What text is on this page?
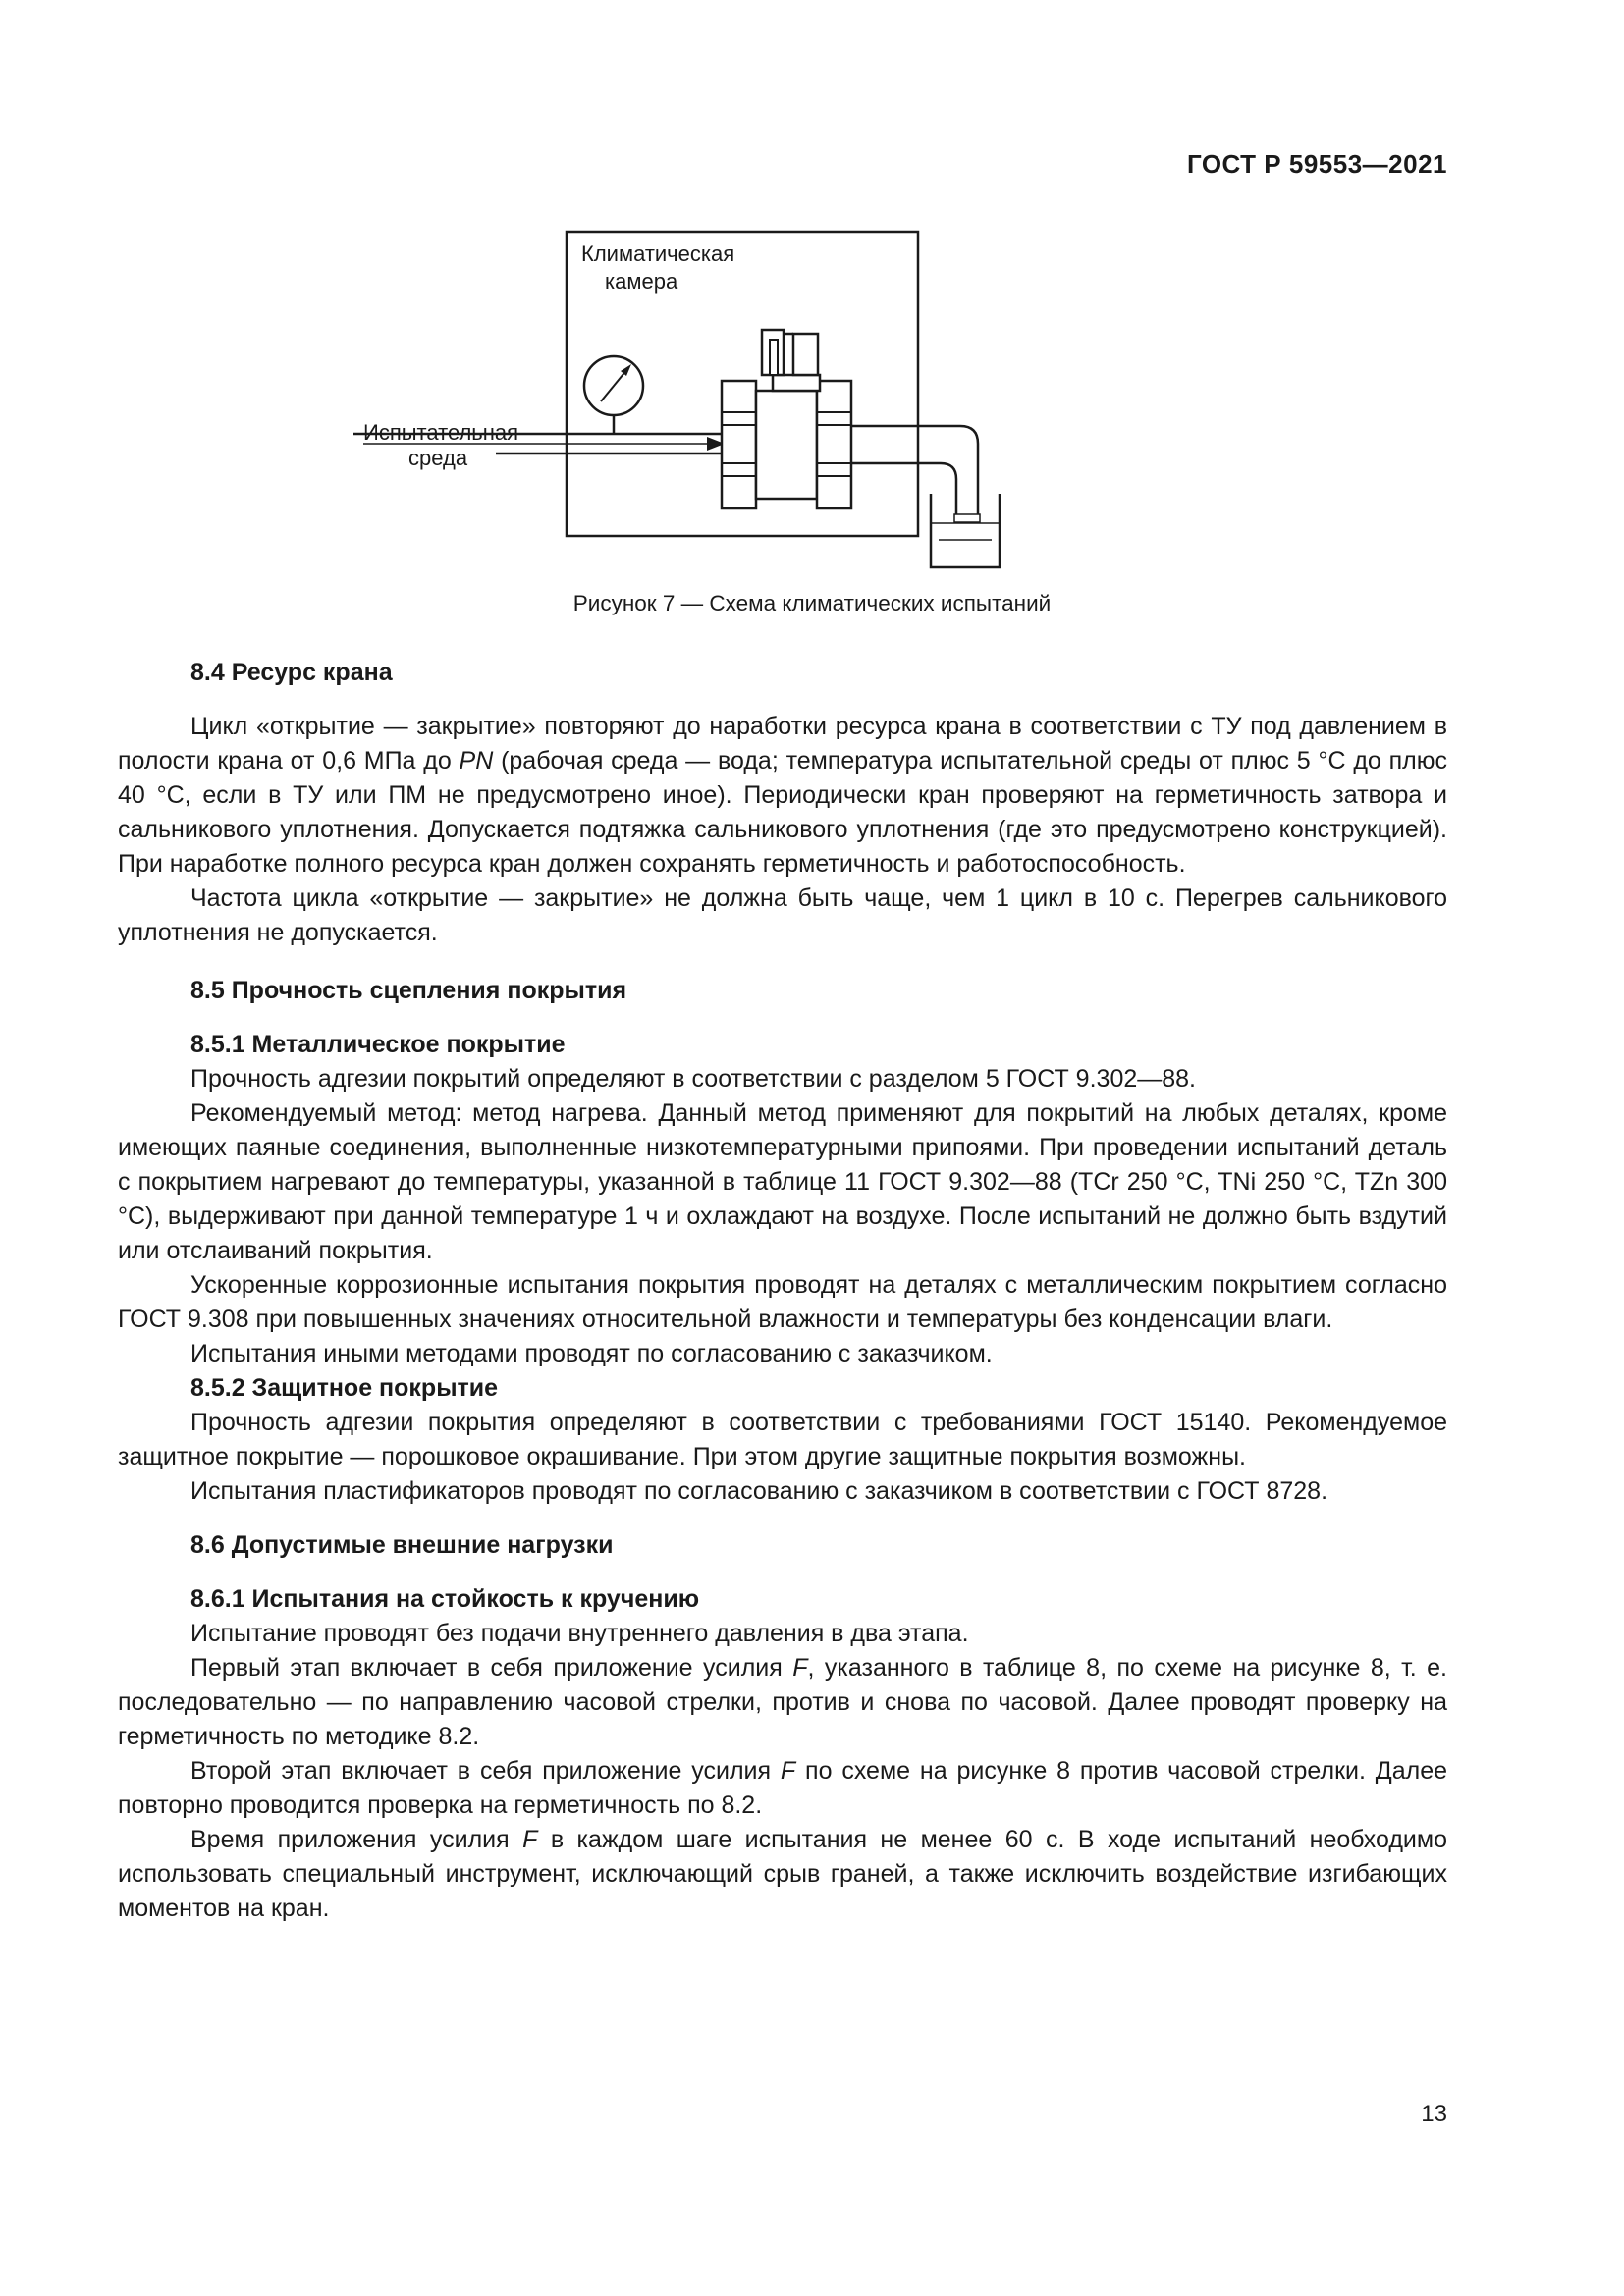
ГОСТ Р 59553—2021
Климатическая
камера
Испытательная
среда
Рисунок 7 — Схема климатических испытаний
8.4 Ресурс крана

Цикл «открытие — закрытие» повторяют до наработки ресурса крана в соответствии с ТУ под давлением в полости крана от 0,6 МПа до PN (рабочая среда — вода; температура испытательной среды от плюс 5 °C до плюс 40 °C, если в ТУ или ПМ не предусмотрено иное). Периодически кран проверяют на герметичность затвора и сальникового уплотнения. Допускается подтяжка сальникового уплотнения (где это предусмотрено конструкцией). При наработке полного ресурса кран должен сохранять герметичность и работоспособность.

Частота цикла «открытие — закрытие» не должна быть чаще, чем 1 цикл в 10 с. Перегрев сальникового уплотнения не допускается.

8.5 Прочность сцепления покрытия
8.5.1 Металлическое покрытие

Прочность адгезии покрытий определяют в соответствии с разделом 5 ГОСТ 9.302—88.

Рекомендуемый метод: метод нагрева. Данный метод применяют для покрытий на любых деталях, кроме имеющих паяные соединения, выполненные низкотемпературными припоями. При проведении испытаний деталь с покрытием нагревают до температуры, указанной в таблице 11 ГОСТ 9.302—88 (TCr 250 °C, TNi 250 °C, TZn 300 °C), выдерживают при данной температуре 1 ч и охлаждают на воздухе. После испытаний не должно быть вздутий или отслаиваний покрытия.

Ускоренные коррозионные испытания покрытия проводят на деталях с металлическим покрытием согласно ГОСТ 9.308 при повышенных значениях относительной влажности и температуры без конденсации влаги.

Испытания иными методами проводят по согласованию с заказчиком.

8.5.2 Защитное покрытие

Прочность адгезии покрытия определяют в соответствии с требованиями ГОСТ 15140. Рекомендуемое защитное покрытие — порошковое окрашивание. При этом другие защитные покрытия возможны.

Испытания пластификаторов проводят по согласованию с заказчиком в соответствии с ГОСТ 8728.

8.6 Допустимые внешние нагрузки
8.6.1 Испытания на стойкость к кручению

Испытание проводят без подачи внутреннего давления в два этапа.

Первый этап включает в себя приложение усилия F, указанного в таблице 8, по схеме на рисунке 8, т. е. последовательно — по направлению часовой стрелки, против и снова по часовой. Далее проводят проверку на герметичность по методике 8.2.

Второй этап включает в себя приложение усилия F по схеме на рисунке 8 против часовой стрелки. Далее повторно проводится проверка на герметичность по 8.2.

Время приложения усилия F в каждом шаге испытания не менее 60 с. В ходе испытаний необходимо использовать специальный инструмент, исключающий срыв граней, а также исключить воздействие изгибающих моментов на кран.

13
